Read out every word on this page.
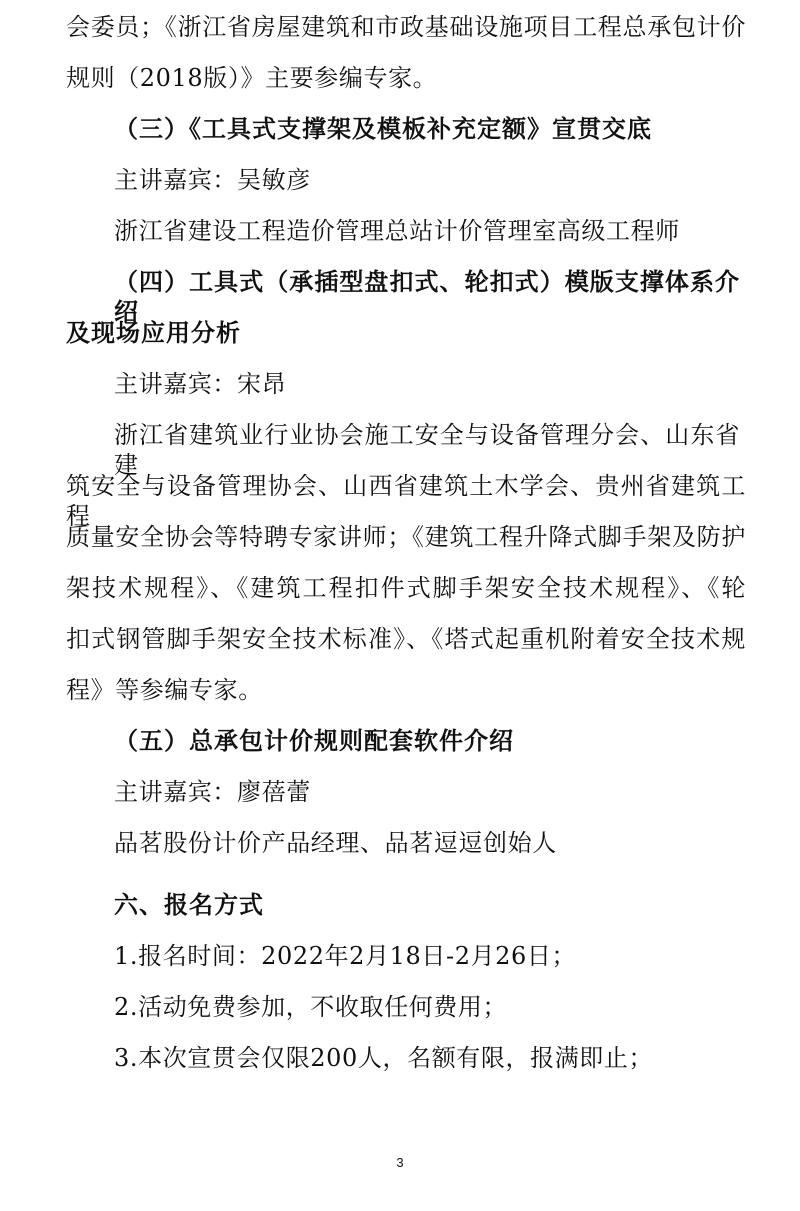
会委员；《浙江省房屋建筑和市政基础设施项目工程总承包计价
规则（2018版）》主要参编专家。
（三）《工具式支撑架及模板补充定额》宣贯交底
主讲嘉宾：吴敏彦
浙江省建设工程造价管理总站计价管理室高级工程师
（四）工具式（承插型盘扣式、轮扣式）模版支撑体系介绍
及现场应用分析
主讲嘉宾：宋昂
浙江省建筑业行业协会施工安全与设备管理分会、山东省建
筑安全与设备管理协会、山西省建筑土木学会、贵州省建筑工程
质量安全协会等特聘专家讲师；《建筑工程升降式脚手架及防护
架技术规程》、《建筑工程扣件式脚手架安全技术规程》、《轮
扣式钢管脚手架安全技术标准》、《塔式起重机附着安全技术规
程》等参编专家。
（五）总承包计价规则配套软件介绍
主讲嘉宾：廖蓓蕾
品茗股份计价产品经理、品茗逗逗创始人
六、报名方式
1.报名时间：2022年2月18日-2月26日；
2.活动免费参加，不收取任何费用；
3.本次宣贯会仅限200人，名额有限，报满即止；
3
